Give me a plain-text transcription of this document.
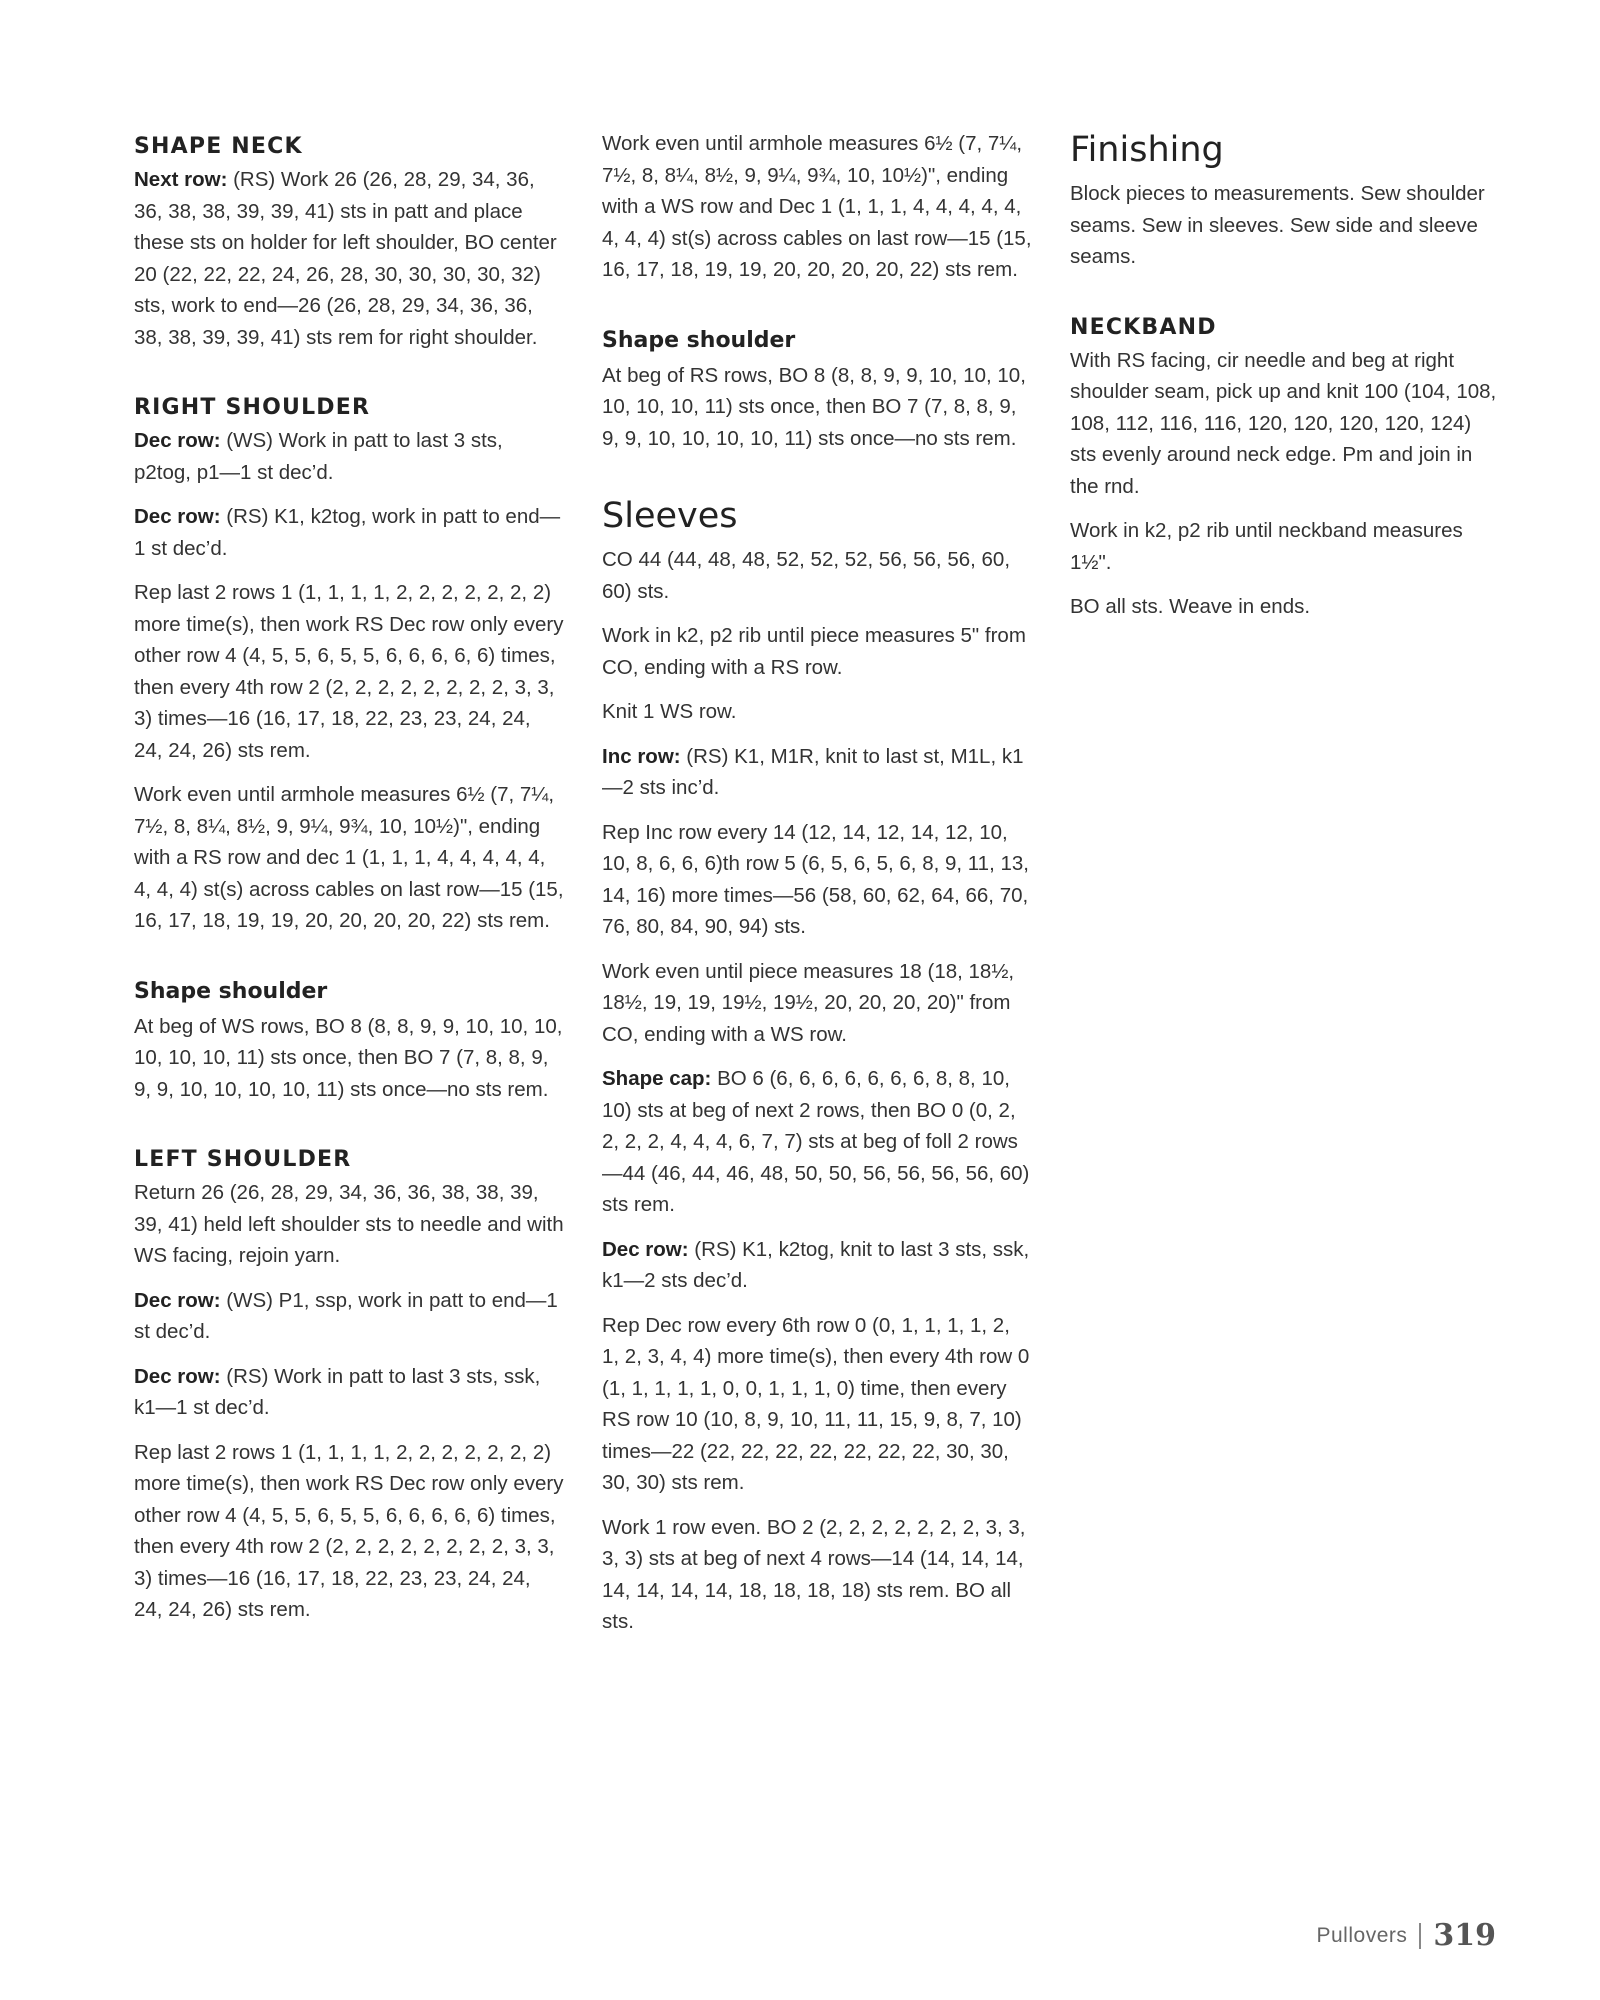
SHAPE NECK

Next row: (RS) Work 26 (26, 28, 29, 34, 36, 36, 38, 38, 39, 39, 41) sts in patt and place these sts on holder for left shoulder, BO center 20 (22, 22, 22, 24, 26, 28, 30, 30, 30, 30, 32) sts, work to end—26 (26, 28, 29, 34, 36, 36, 38, 38, 39, 39, 41) sts rem for right shoulder.

RIGHT SHOULDER

Dec row: (WS) Work in patt to last 3 sts, p2tog, p1—1 st dec’d.

Dec row: (RS) K1, k2tog, work in patt to end—1 st dec’d.

Rep last 2 rows 1 (1, 1, 1, 1, 2, 2, 2, 2, 2, 2, 2) more time(s), then work RS Dec row only every other row 4 (4, 5, 5, 6, 5, 5, 6, 6, 6, 6, 6) times, then every 4th row 2 (2, 2, 2, 2, 2, 2, 2, 2, 3, 3, 3) times—16 (16, 17, 18, 22, 23, 23, 24, 24, 24, 24, 26) sts rem.

Work even until armhole measures 6½ (7, 7¼, 7½, 8, 8¼, 8½, 9, 9¼, 9¾, 10, 10½)", ending with a RS row and dec 1 (1, 1, 1, 4, 4, 4, 4, 4, 4, 4, 4) st(s) across cables on last row—15 (15, 16, 17, 18, 19, 19, 20, 20, 20, 20, 22) sts rem.

Shape shoulder

At beg of WS rows, BO 8 (8, 8, 9, 9, 10, 10, 10, 10, 10, 10, 11) sts once, then BO 7 (7, 8, 8, 9, 9, 9, 10, 10, 10, 10, 11) sts once—no sts rem.

LEFT SHOULDER

Return 26 (26, 28, 29, 34, 36, 36, 38, 38, 39, 39, 41) held left shoulder sts to needle and with WS facing, rejoin yarn.

Dec row: (WS) P1, ssp, work in patt to end—1 st dec’d.

Dec row: (RS) Work in patt to last 3 sts, ssk, k1—1 st dec’d.

Rep last 2 rows 1 (1, 1, 1, 1, 2, 2, 2, 2, 2, 2, 2) more time(s), then work RS Dec row only every other row 4 (4, 5, 5, 6, 5, 5, 6, 6, 6, 6, 6) times, then every 4th row 2 (2, 2, 2, 2, 2, 2, 2, 2, 3, 3, 3) times—16 (16, 17, 18, 22, 23, 23, 24, 24, 24, 24, 26) sts rem.

Work even until armhole measures 6½ (7, 7¼, 7½, 8, 8¼, 8½, 9, 9¼, 9¾, 10, 10½)", ending with a WS row and Dec 1 (1, 1, 1, 4, 4, 4, 4, 4, 4, 4, 4) st(s) across cables on last row—15 (15, 16, 17, 18, 19, 19, 20, 20, 20, 20, 22) sts rem.

Shape shoulder

At beg of RS rows, BO 8 (8, 8, 9, 9, 10, 10, 10, 10, 10, 10, 11) sts once, then BO 7 (7, 8, 8, 9, 9, 9, 10, 10, 10, 10, 11) sts once—no sts rem.

Sleeves

CO 44 (44, 48, 48, 52, 52, 52, 56, 56, 56, 60, 60) sts.

Work in k2, p2 rib until piece measures 5" from CO, ending with a RS row.

Knit 1 WS row.

Inc row: (RS) K1, M1R, knit to last st, M1L, k1—2 sts inc’d.

Rep Inc row every 14 (12, 14, 12, 14, 12, 10, 10, 8, 6, 6, 6)th row 5 (6, 5, 6, 5, 6, 8, 9, 11, 13, 14, 16) more times—56 (58, 60, 62, 64, 66, 70, 76, 80, 84, 90, 94) sts.

Work even until piece measures 18 (18, 18½, 18½, 19, 19, 19½, 19½, 20, 20, 20, 20)" from CO, ending with a WS row.

Shape cap: BO 6 (6, 6, 6, 6, 6, 6, 6, 8, 8, 10, 10) sts at beg of next 2 rows, then BO 0 (0, 2, 2, 2, 2, 4, 4, 4, 6, 7, 7) sts at beg of foll 2 rows—44 (46, 44, 46, 48, 50, 50, 56, 56, 56, 56, 60) sts rem.

Dec row: (RS) K1, k2tog, knit to last 3 sts, ssk, k1—2 sts dec’d.

Rep Dec row every 6th row 0 (0, 1, 1, 1, 1, 2, 1, 2, 3, 4, 4) more time(s), then every 4th row 0 (1, 1, 1, 1, 1, 0, 0, 1, 1, 1, 0) time, then every RS row 10 (10, 8, 9, 10, 11, 11, 15, 9, 8, 7, 10) times—22 (22, 22, 22, 22, 22, 22, 22, 30, 30, 30, 30) sts rem.

Work 1 row even. BO 2 (2, 2, 2, 2, 2, 2, 2, 3, 3, 3, 3) sts at beg of next 4 rows—14 (14, 14, 14, 14, 14, 14, 14, 18, 18, 18, 18) sts rem. BO all sts.

Finishing

Block pieces to measurements. Sew shoulder seams. Sew in sleeves. Sew side and sleeve seams.

NECKBAND

With RS facing, cir needle and beg at right shoulder seam, pick up and knit 100 (104, 108, 108, 112, 116, 116, 120, 120, 120, 120, 124) sts evenly around neck edge. Pm and join in the rnd.

Work in k2, p2 rib until neckband measures 1½".

BO all sts. Weave in ends.

Pullovers 319
